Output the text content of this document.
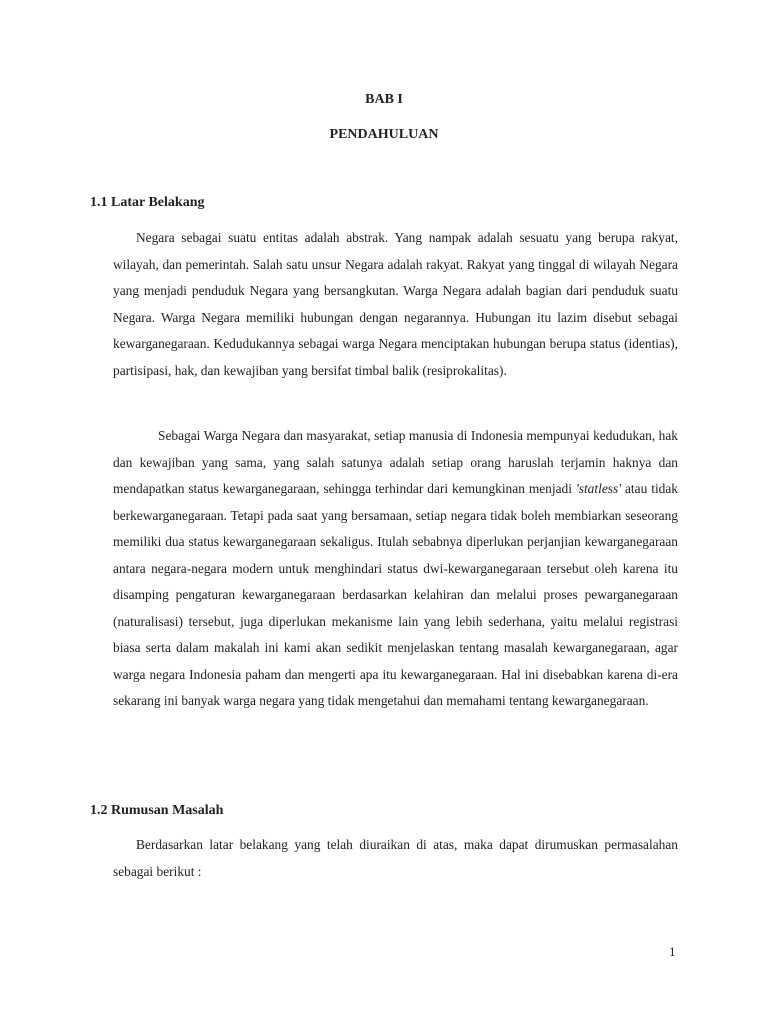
BAB I
PENDAHULUAN
1.1 Latar Belakang

Negara sebagai suatu entitas adalah abstrak. Yang nampak adalah sesuatu yang berupa rakyat, wilayah, dan pemerintah. Salah satu unsur Negara adalah rakyat. Rakyat yang tinggal di wilayah Negara yang menjadi penduduk Negara yang bersangkutan. Warga Negara adalah bagian dari penduduk suatu Negara. Warga Negara memiliki hubungan dengan negarannya. Hubungan itu lazim disebut sebagai kewarganegaraan. Kedudukannya sebagai warga Negara menciptakan hubungan berupa status (identias), partisipasi, hak, dan kewajiban yang bersifat timbal balik (resiprokalitas).

Sebagai Warga Negara dan masyarakat, setiap manusia di Indonesia mempunyai kedudukan, hak dan kewajiban yang sama, yang salah satunya adalah setiap orang haruslah terjamin haknya dan mendapatkan status kewarganegaraan, sehingga terhindar dari kemungkinan menjadi 'statless' atau tidak berkewarganegaraan. Tetapi pada saat yang bersamaan, setiap negara tidak boleh membiarkan seseorang memiliki dua status kewarganegaraan sekaligus. Itulah sebabnya diperlukan perjanjian kewarganegaraan antara negara-negara modern untuk menghindari status dwi-kewarganegaraan tersebut oleh karena itu disamping pengaturan kewarganegaraan berdasarkan kelahiran dan melalui proses pewarganegaraan (naturalisasi) tersebut, juga diperlukan mekanisme lain yang lebih sederhana, yaitu melalui registrasi biasa serta dalam makalah ini kami akan sedikit menjelaskan tentang masalah kewarganegaraan, agar warga negara Indonesia paham dan mengerti apa itu kewarganegaraan. Hal ini disebabkan karena di-era sekarang ini banyak warga negara yang tidak mengetahui dan memahami tentang kewarganegaraan.

1.2 Rumusan Masalah

Berdasarkan latar belakang yang telah diuraikan di atas, maka dapat dirumuskan permasalahan sebagai berikut :

1
